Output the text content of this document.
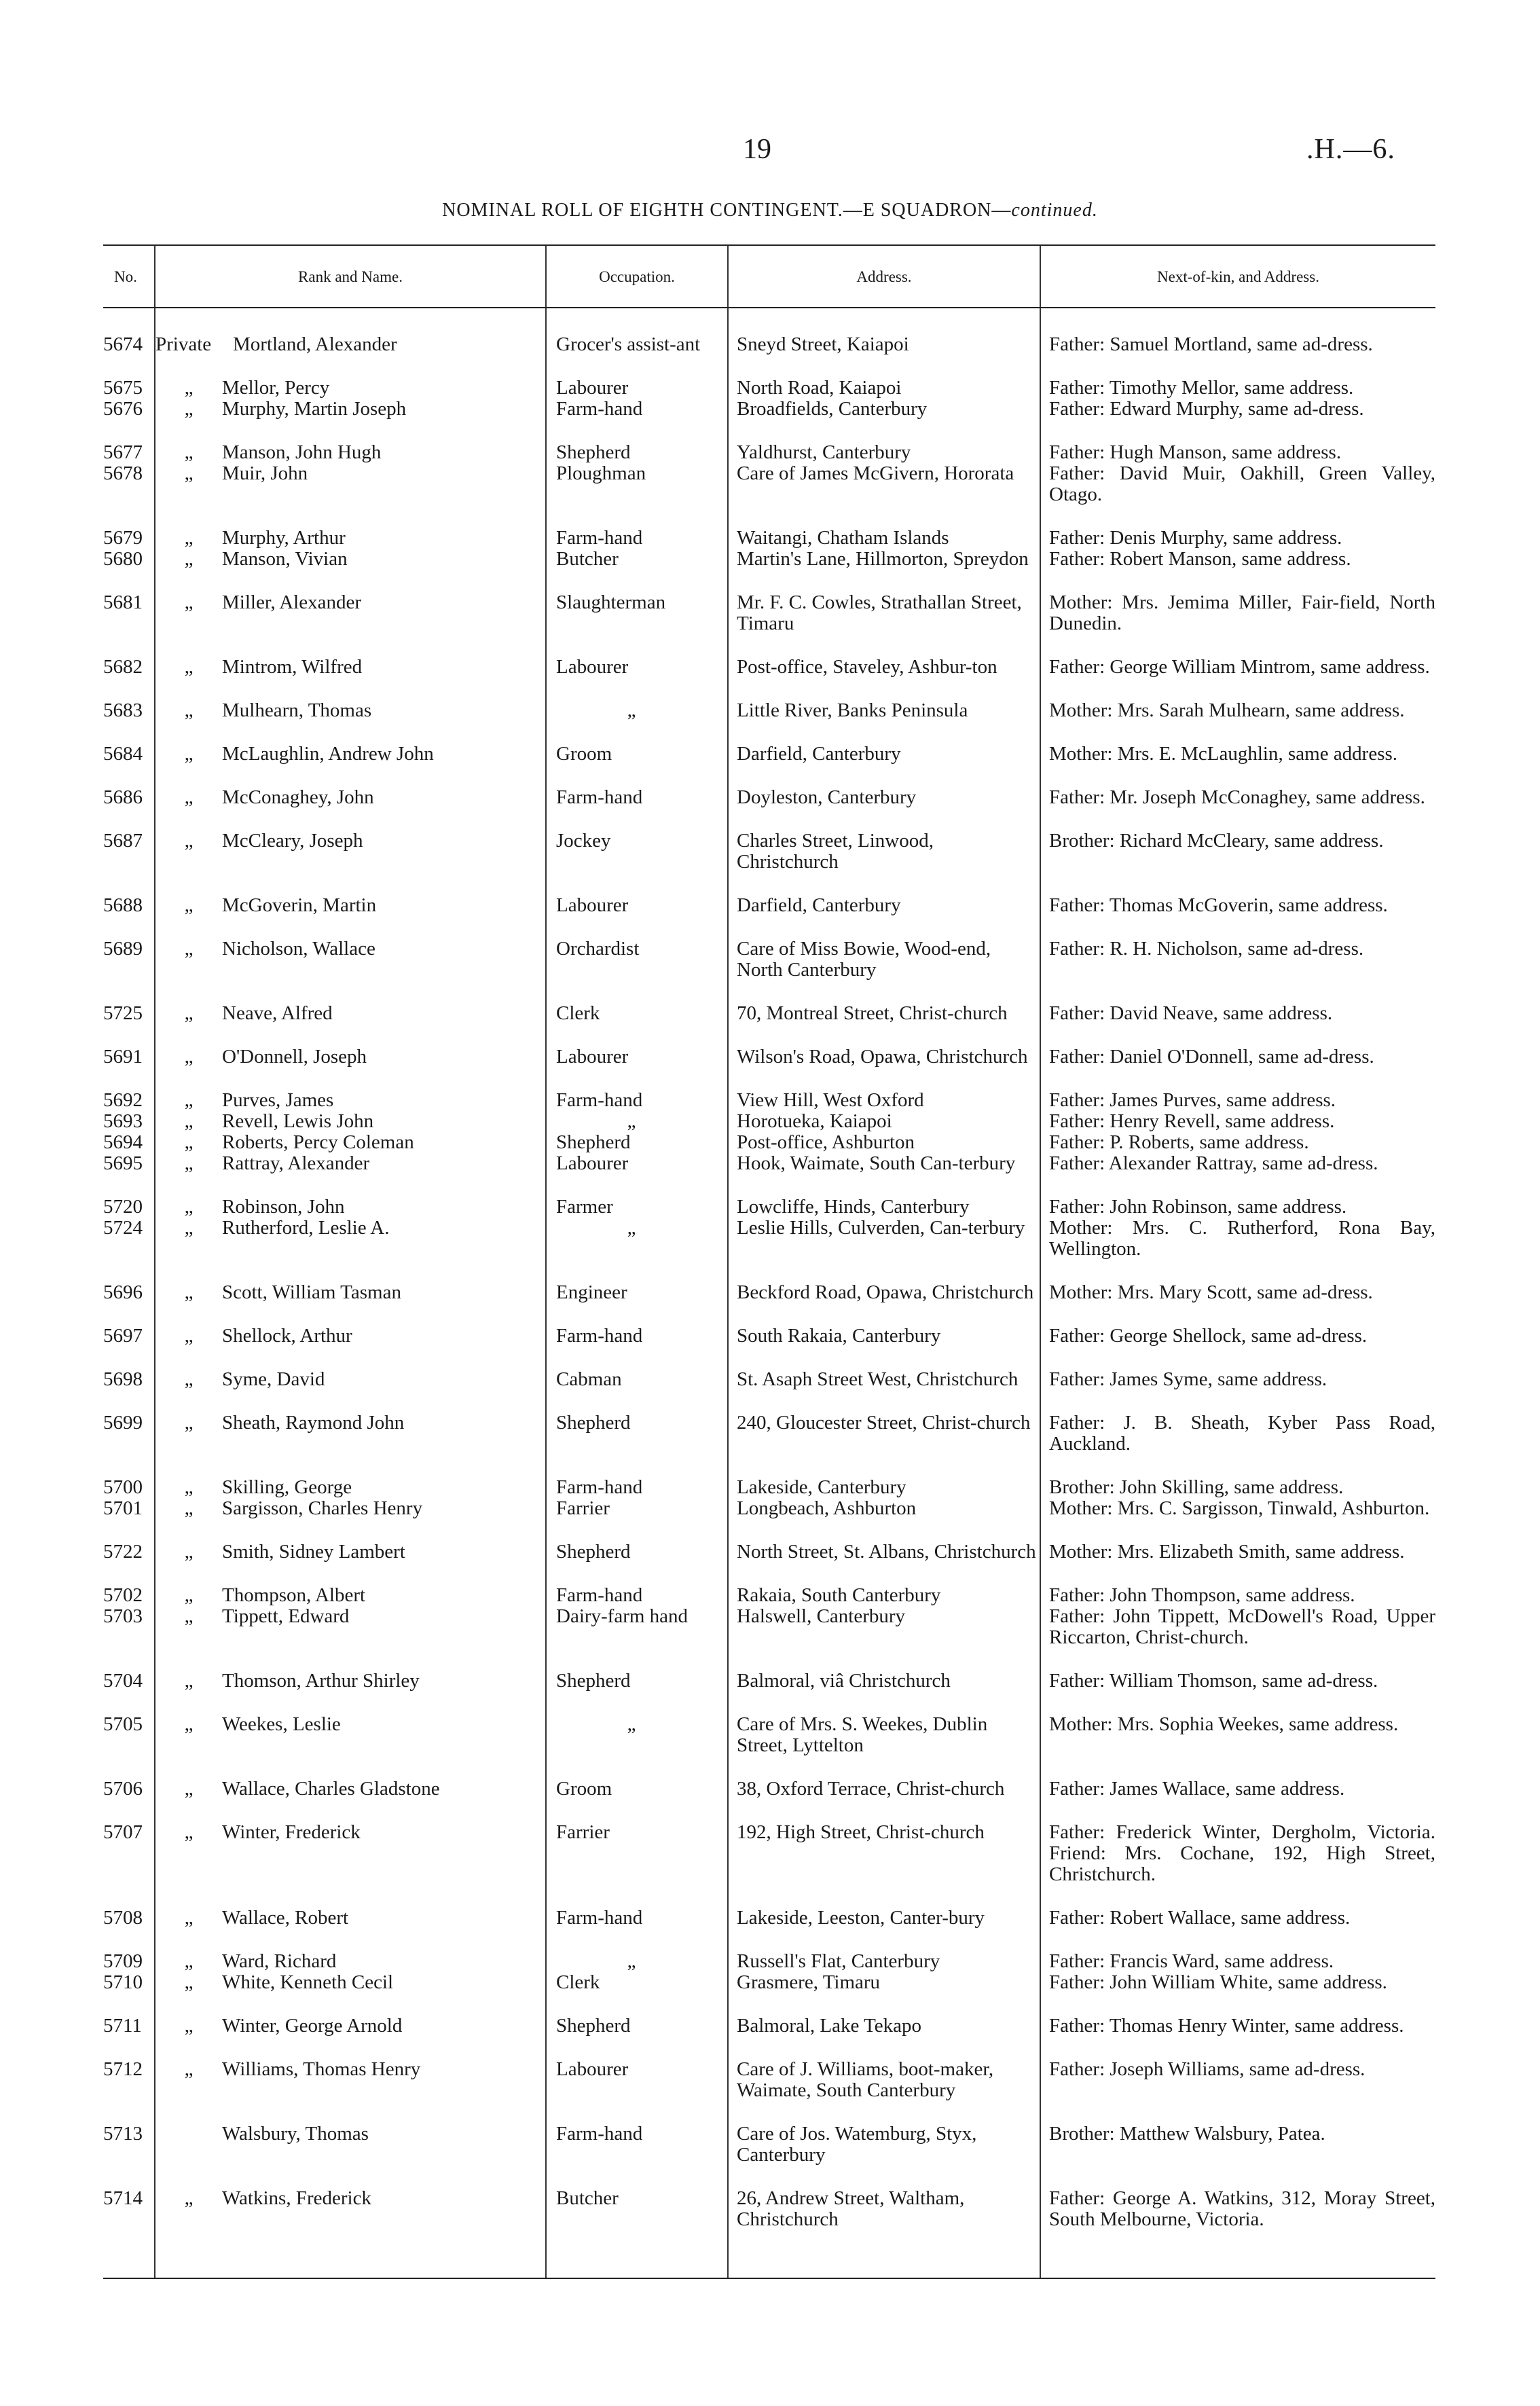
19	.H.—6.
NOMINAL ROLL OF EIGHTH CONTINGENT.—E SQUADRON—continued.
No.	Rank and Name.	Occupation.	Address.	Next-of-kin, and Address.

5674	Private Mortland, Alexander	Grocer's assist-ant	Sneyd Street, Kaiapoi	Father: Samuel Mortland, same ad-dress.
5675	„ Mellor, Percy	Labourer	North Road, Kaiapoi	Father: Timothy Mellor, same address.
5676	„ Murphy, Martin Joseph	Farm-hand	Broadfields, Canterbury	Father: Edward Murphy, same ad-dress.
5677	„ Manson, John Hugh	Shepherd	Yaldhurst, Canterbury	Father: Hugh Manson, same address.
5678	„ Muir, John	Ploughman	Care of James McGivern, Hororata	Father: David Muir, Oakhill, Green Valley, Otago.
5679	„ Murphy, Arthur	Farm-hand	Waitangi, Chatham Islands	Father: Denis Murphy, same address.
5680	„ Manson, Vivian	Butcher	Martin's Lane, Hillmorton, Spreydon	Father: Robert Manson, same address.
5681	„ Miller, Alexander	Slaughterman	Mr. F. C. Cowles, Strathallan Street, Timaru	Mother: Mrs. Jemima Miller, Fair-field, North Dunedin.
5682	„ Mintrom, Wilfred	Labourer	Post-office, Staveley, Ashbur-ton	Father: George William Mintrom, same address.
5683	„ Mulhearn, Thomas	„	Little River, Banks Peninsula	Mother: Mrs. Sarah Mulhearn, same address.
5684	„ McLaughlin, Andrew John	Groom	Darfield, Canterbury	Mother: Mrs. E. McLaughlin, same address.
5686	„ McConaghey, John	Farm-hand	Doyleston, Canterbury	Father: Mr. Joseph McConaghey, same address.
5687	„ McCleary, Joseph	Jockey	Charles Street, Linwood, Christchurch	Brother: Richard McCleary, same address.
5688	„ McGoverin, Martin	Labourer	Darfield, Canterbury	Father: Thomas McGoverin, same address.
5689	„ Nicholson, Wallace	Orchardist	Care of Miss Bowie, Wood-end, North Canterbury	Father: R. H. Nicholson, same ad-dress.
5725	„ Neave, Alfred	Clerk	70, Montreal Street, Christ-church	Father: David Neave, same address.
5691	„ O'Donnell, Joseph	Labourer	Wilson's Road, Opawa, Christchurch	Father: Daniel O'Donnell, same ad-dress.
5692	„ Purves, James	Farm-hand	View Hill, West Oxford	Father: James Purves, same address.
5693	„ Revell, Lewis John	„	Horotueka, Kaiapoi	Father: Henry Revell, same address.
5694	„ Roberts, Percy Coleman	Shepherd	Post-office, Ashburton	Father: P. Roberts, same address.
5695	„ Rattray, Alexander	Labourer	Hook, Waimate, South Can-terbury	Father: Alexander Rattray, same ad-dress.
5720	„ Robinson, John	Farmer	Lowcliffe, Hinds, Canterbury	Father: John Robinson, same address.
5724	„ Rutherford, Leslie A.	„	Leslie Hills, Culverden, Can-terbury	Mother: Mrs. C. Rutherford, Rona Bay, Wellington.
5696	„ Scott, William Tasman	Engineer	Beckford Road, Opawa, Christchurch	Mother: Mrs. Mary Scott, same ad-dress.
5697	„ Shellock, Arthur	Farm-hand	South Rakaia, Canterbury	Father: George Shellock, same ad-dress.
5698	„ Syme, David	Cabman	St. Asaph Street West, Christchurch	Father: James Syme, same address.
5699	„ Sheath, Raymond John	Shepherd	240, Gloucester Street, Christ-church	Father: J. B. Sheath, Kyber Pass Road, Auckland.
5700	„ Skilling, George	Farm-hand	Lakeside, Canterbury	Brother: John Skilling, same address.
5701	„ Sargisson, Charles Henry	Farrier	Longbeach, Ashburton	Mother: Mrs. C. Sargisson, Tinwald, Ashburton.
5722	„ Smith, Sidney Lambert	Shepherd	North Street, St. Albans, Christchurch	Mother: Mrs. Elizabeth Smith, same address.
5702	„ Thompson, Albert	Farm-hand	Rakaia, South Canterbury	Father: John Thompson, same address.
5703	„ Tippett, Edward	Dairy-farm hand	Halswell, Canterbury	Father: John Tippett, McDowell's Road, Upper Riccarton, Christ-church.
5704	„ Thomson, Arthur Shirley	Shepherd	Balmoral, viâ Christchurch	Father: William Thomson, same ad-dress.
5705	„ Weekes, Leslie	„	Care of Mrs. S. Weekes, Dublin Street, Lyttelton	Mother: Mrs. Sophia Weekes, same address.
5706	„ Wallace, Charles Gladstone	Groom	38, Oxford Terrace, Christ-church	Father: James Wallace, same address.
5707	„ Winter, Frederick	Farrier	192, High Street, Christ-church	Father: Frederick Winter, Dergholm, Victoria. Friend: Mrs. Cochane, 192, High Street, Christchurch.
5708	„ Wallace, Robert	Farm-hand	Lakeside, Leeston, Canter-bury	Father: Robert Wallace, same address.
5709	„ Ward, Richard	„	Russell's Flat, Canterbury	Father: Francis Ward, same address.
5710	„ White, Kenneth Cecil	Clerk	Grasmere, Timaru	Father: John William White, same address.
5711	„ Winter, George Arnold	Shepherd	Balmoral, Lake Tekapo	Father: Thomas Henry Winter, same address.
5712	„ Williams, Thomas Henry	Labourer	Care of J. Williams, boot-maker, Waimate, South Canterbury	Father: Joseph Williams, same ad-dress.
5713	Walsbury, Thomas	Farm-hand	Care of Jos. Watemburg, Styx, Canterbury	Brother: Matthew Walsbury, Patea.
5714	„ Watkins, Frederick	Butcher	26, Andrew Street, Waltham, Christchurch	Father: George A. Watkins, 312, Moray Street, South Melbourne, Victoria.
